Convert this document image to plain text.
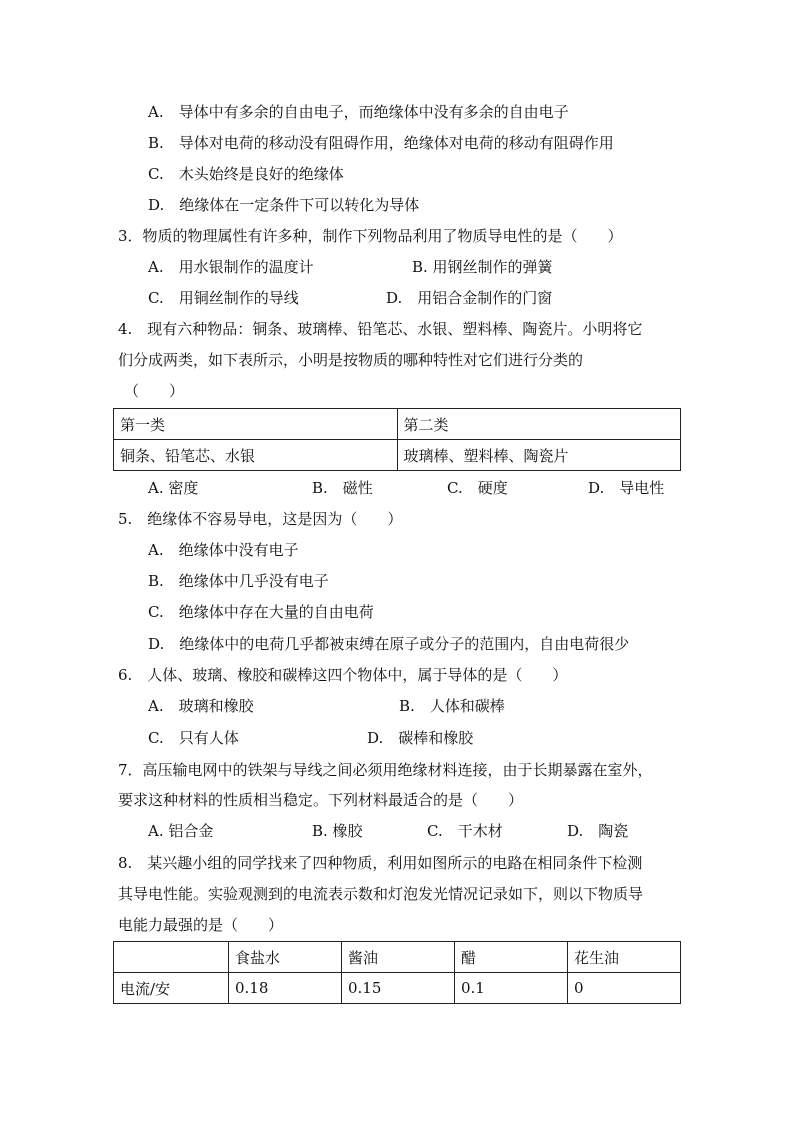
A.　导体中有多余的自由电子，而绝缘体中没有多余的自由电子
B.　导体对电荷的移动没有阻碍作用，绝缘体对电荷的移动有阻碍作用
C.　木头始终是良好的绝缘体
D.　绝缘体在一定条件下可以转化为导体
3．物质的物理属性有许多种，制作下列物品利用了物质导电性的是（　　）
A.　用水银制作的温度计	B. 用钢丝制作的弹簧
C.　用铜丝制作的导线	D.　用铝合金制作的门窗
4.　现有六种物品：铜条、玻璃棒、铅笔芯、水银、塑料棒、陶瓷片。小明将它
们分成两类，如下表所示，小明是按物质的哪种特性对它们进行分类的
（　　）
第一类	第二类
铜条、铅笔芯、水银	玻璃棒、塑料棒、陶瓷片
A. 密度	B.　磁性	C.　硬度	D.　导电性
5.　绝缘体不容易导电，这是因为（　　）
A.　绝缘体中没有电子
B.　绝缘体中几乎没有电子
C.　绝缘体中存在大量的自由电荷
D.　绝缘体中的电荷几乎都被束缚在原子或分子的范围内，自由电荷很少
6.　人体、玻璃、橡胶和碳棒这四个物体中，属于导体的是（　　）
A.　玻璃和橡胶	B.　人体和碳棒
C.　只有人体	D.　碳棒和橡胶
7．高压输电网中的铁架与导线之间必须用绝缘材料连接，由于长期暴露在室外，
要求这种材料的性质相当稳定。下列材料最适合的是（　　）
A. 铝合金	B. 橡胶	C.　干木材	D.　陶瓷
8.　某兴趣小组的同学找来了四种物质，利用如图所示的电路在相同条件下检测
其导电性能。实验观测到的电流表示数和灯泡发光情况记录如下，则以下物质导
电能力最强的是（　　）
	食盐水	酱油	醋	花生油
电流/安	0.18	0.15	0.1	0
